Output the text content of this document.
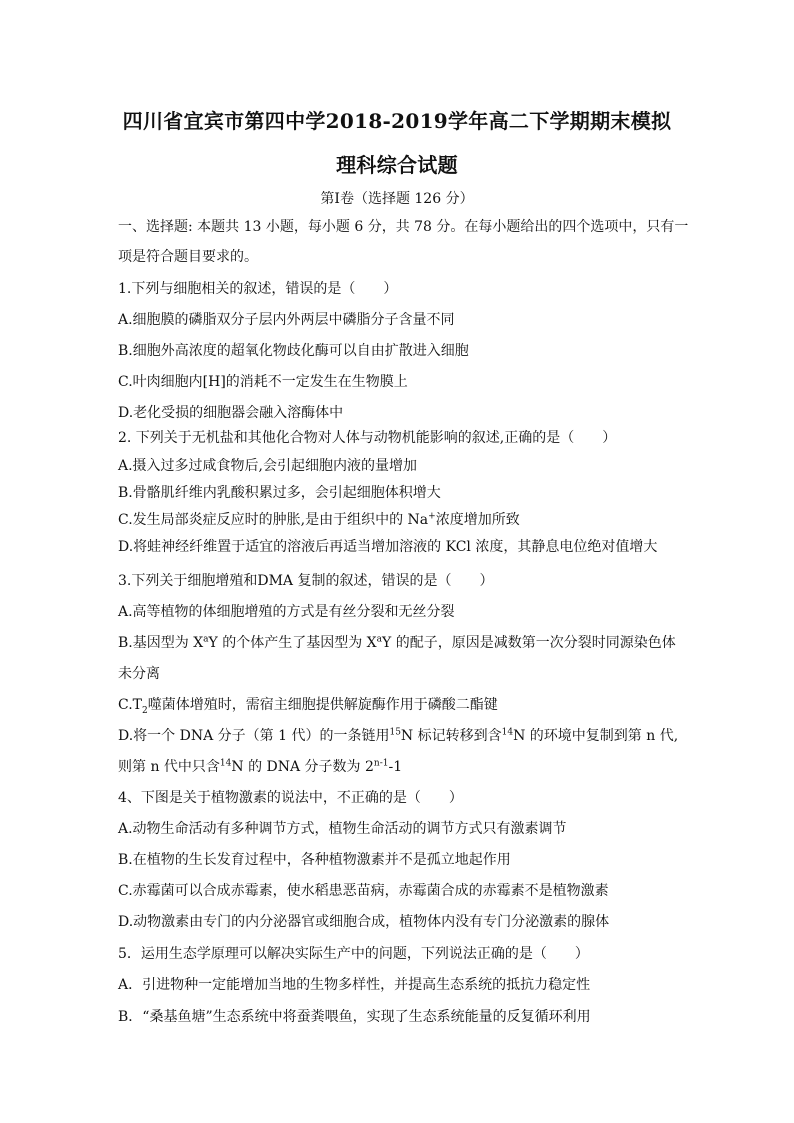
四川省宜宾市第四中学2018-2019学年高二下学期期末模拟
理科综合试题
第Ⅰ卷（选择题 126 分）
一、选择题: 本题共 13 小题，每小题 6 分，共 78 分。在每小题给出的四个选项中，只有一
项是符合题目要求的。
1.下列与细胞相关的叙述，错误的是（　　）
A.细胞膜的磷脂双分子层内外两层中磷脂分子含量不同
B.细胞外高浓度的超氧化物歧化酶可以自由扩散进入细胞
C.叶肉细胞内[H]的消耗不一定发生在生物膜上
D.老化受损的细胞器会融入溶酶体中
2. 下列关于无机盐和其他化合物对人体与动物机能影响的叙述,正确的是（　　）
A.摄入过多过咸食物后,会引起细胞内液的量增加
B.骨骼肌纤维内乳酸积累过多，会引起细胞体积增大
C.发生局部炎症反应时的肿胀,是由于组织中的 Na+浓度增加所致
D.将蛙神经纤维置于适宜的溶液后再适当增加溶液的 KCl 浓度，其静息电位绝对值增大
3.下列关于细胞增殖和DMA 复制的叙述，错误的是（　　）
A.高等植物的体细胞增殖的方式是有丝分裂和无丝分裂
B.基因型为 $X^aY$ 的个体产生了基因型为 $X^aY$ 的配子，原因是减数第一次分裂时同源染色体
未分离
$C.T_2$噬菌体增殖时，需宿主细胞提供解旋酶作用于磷酸二酯键
D.将一个 DNA 分子（第 1 代）的一条链用$^{15}$N 标记转移到含$^{14}$N 的环境中复制到第 n 代,
则第 n 代中只含$^{14}$N 的 DNA 分子数为 2$^{n-1}$-1
4、下图是关于植物激素的说法中，不正确的是（　　）
A.动物生命活动有多种调节方式，植物生命活动的调节方式只有激素调节
B.在植物的生长发育过程中，各种植物激素并不是孤立地起作用
C.赤霉菌可以合成赤霉素，使水稻患恶苗病，赤霉菌合成的赤霉素不是植物激素
D.动物激素由专门的内分泌器官或细胞合成，植物体内没有专门分泌激素的腺体
5．运用生态学原理可以解决实际生产中的问题，下列说法正确的是（　　）
A．引进物种一定能增加当地的生物多样性，并提高生态系统的抵抗力稳定性
B．“桑基鱼塘”生态系统中将蚕粪喂鱼，实现了生态系统能量的反复循环利用
